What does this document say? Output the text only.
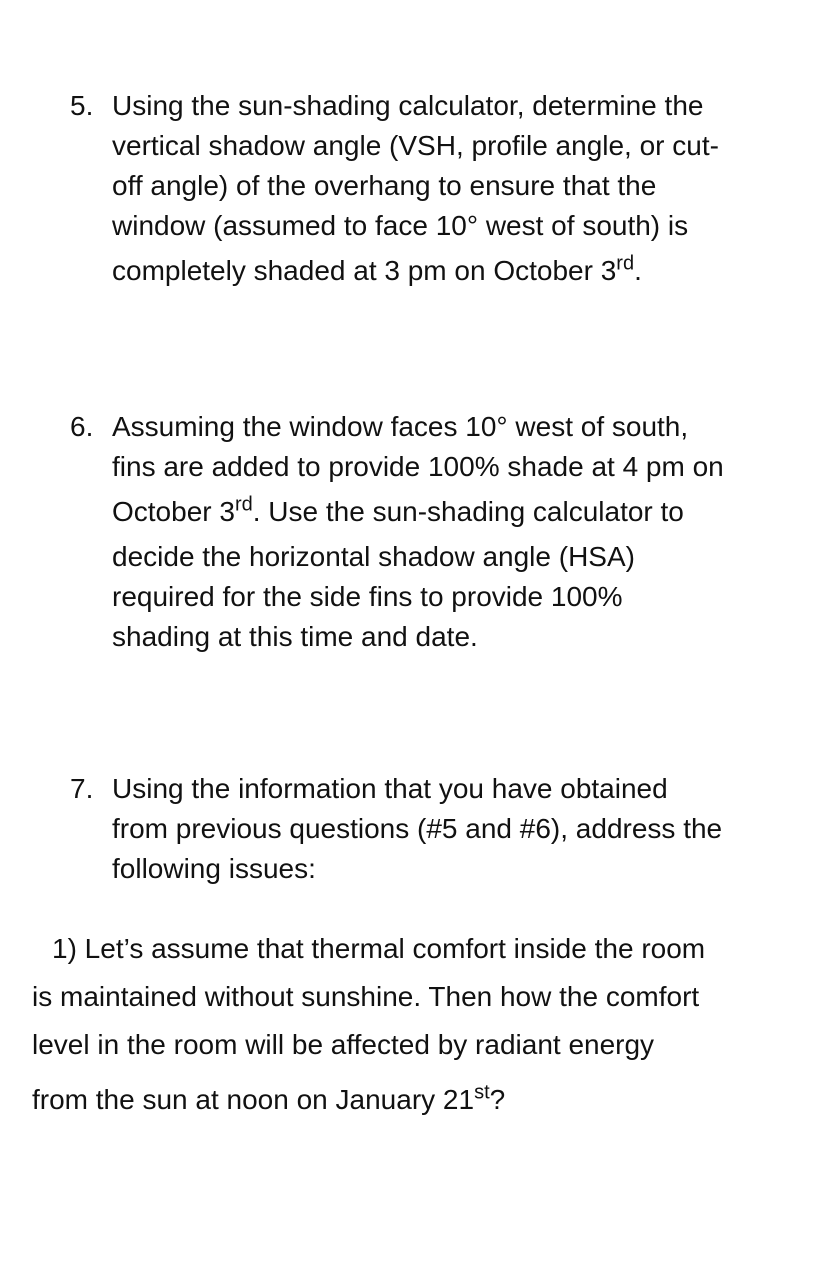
5. Using the sun-shading calculator, determine the
vertical shadow angle (VSH, profile angle, or cut-
off angle) of the overhang to ensure that the
window (assumed to face 10° west of south) is
completely shaded at 3 pm on October 3rd.
6. Assuming the window faces 10° west of south,
fins are added to provide 100% shade at 4 pm on
October 3rd. Use the sun-shading calculator to
decide the horizontal shadow angle (HSA)
required for the side fins to provide 100%
shading at this time and date.
7. Using the information that you have obtained
from previous questions (#5 and #6), address the
following issues:
1) Let’s assume that thermal comfort inside the room
is maintained without sunshine. Then how the comfort
level in the room will be affected by radiant energy
from the sun at noon on January 21st?
